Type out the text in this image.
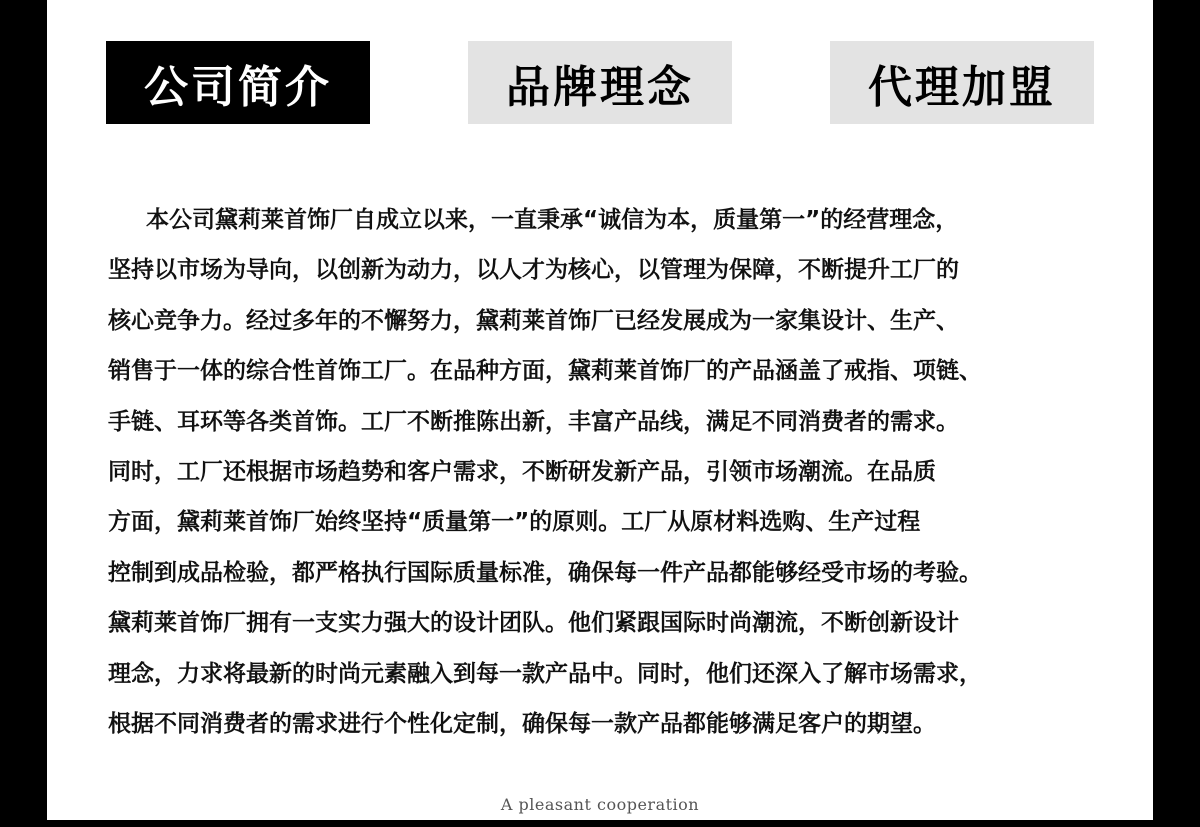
公司简介	品牌理念	代理加盟
本公司黛莉莱首饰厂自成立以来，一直秉承“诚信为本，质量第一”的经营理念，
坚持以市场为导向，以创新为动力，以人才为核心，以管理为保障，不断提升工厂的
核心竞争力。经过多年的不懈努力，黛莉莱首饰厂已经发展成为一家集设计、生产、
销售于一体的综合性首饰工厂。在品种方面，黛莉莱首饰厂的产品涵盖了戒指、项链、
手链、耳环等各类首饰。工厂不断推陈出新，丰富产品线，满足不同消费者的需求。
同时，工厂还根据市场趋势和客户需求，不断研发新产品，引领市场潮流。在品质
方面，黛莉莱首饰厂始终坚持“质量第一”的原则。工厂从原材料选购、生产过程
控制到成品检验，都严格执行国际质量标准，确保每一件产品都能够经受市场的考验。
黛莉莱首饰厂拥有一支实力强大的设计团队。他们紧跟国际时尚潮流，不断创新设计
理念，力求将最新的时尚元素融入到每一款产品中。同时，他们还深入了解市场需求，
根据不同消费者的需求进行个性化定制，确保每一款产品都能够满足客户的期望。
A pleasant cooperation
